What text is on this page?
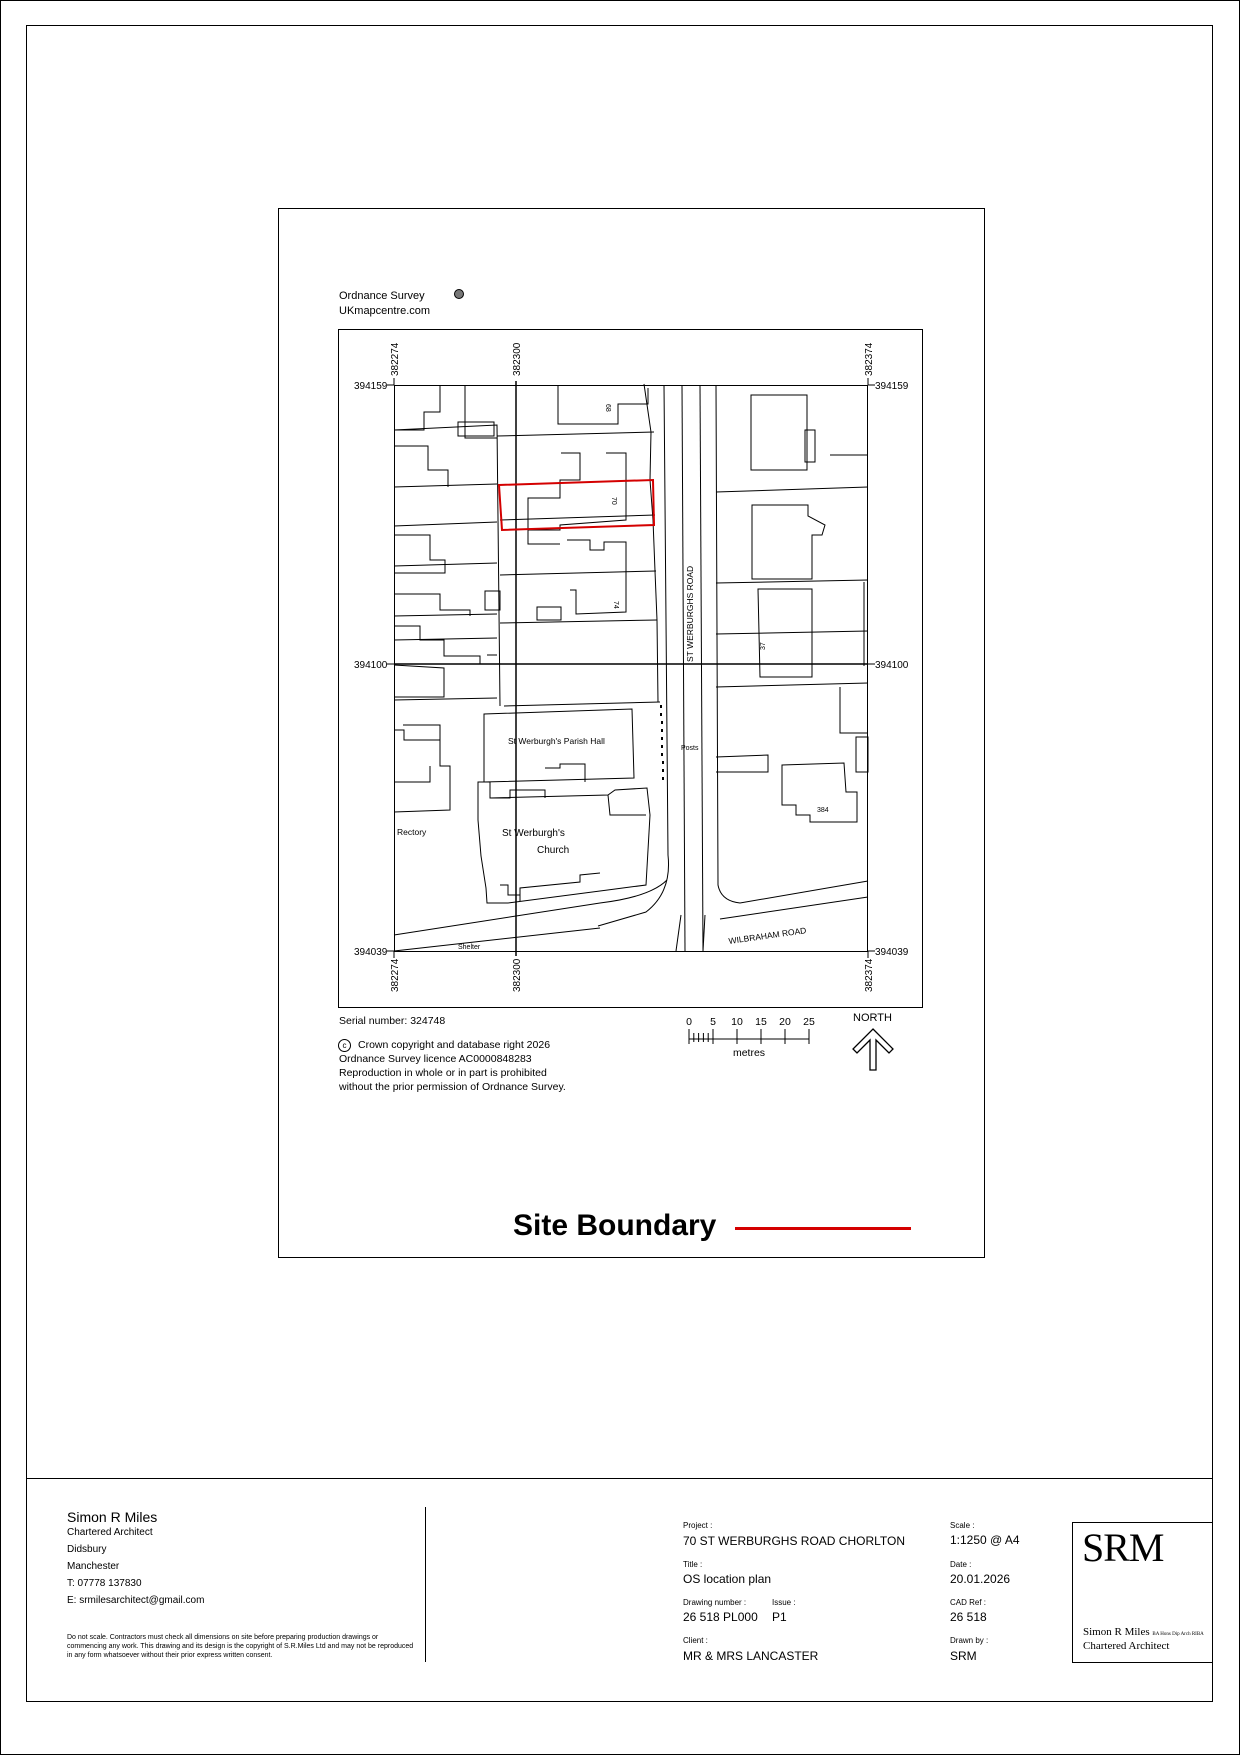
Ordnance Survey
UKmapcentre.com
394159	394159
394100	394100
394039	394039
382274	382300	382374
382274	382300	382374
ST WERBURGHS ROAD
WILBRAHAM ROAD
St Werburgh's Parish Hall
St Werburgh's
Church
Rectory
Shelter
Posts
68
70
74
37
384
Serial number: 324748
c	Crown copyright and database right 2026
Ordnance Survey licence AC0000848283
Reproduction in whole or in part is prohibited
without the prior permission of Ordnance Survey.
0 5 10 15 20 25
metres
NORTH
Site Boundary
Simon R Miles
Chartered Architect
Didsbury
Manchester
T: 07778 137830
E: srmilesarchitect@gmail.com
Do not scale. Contractors must check all dimensions on site before preparing production drawings or commencing any work. This drawing and its design is the copyright of S.R.Miles Ltd and may not be reproduced in any form whatsoever without their prior express written consent.
Project :
70 ST WERBURGHS ROAD CHORLTON
Title :
OS location plan
Drawing number :
26 518 PL000
Issue :
P1
Client :
MR & MRS LANCASTER
Scale :
1:1250 @ A4
Date :
20.01.2026
CAD Ref :
26 518
Drawn by :
SRM
SRM
Simon R Miles BA Hons Dip Arch RIBA
Chartered Architect
